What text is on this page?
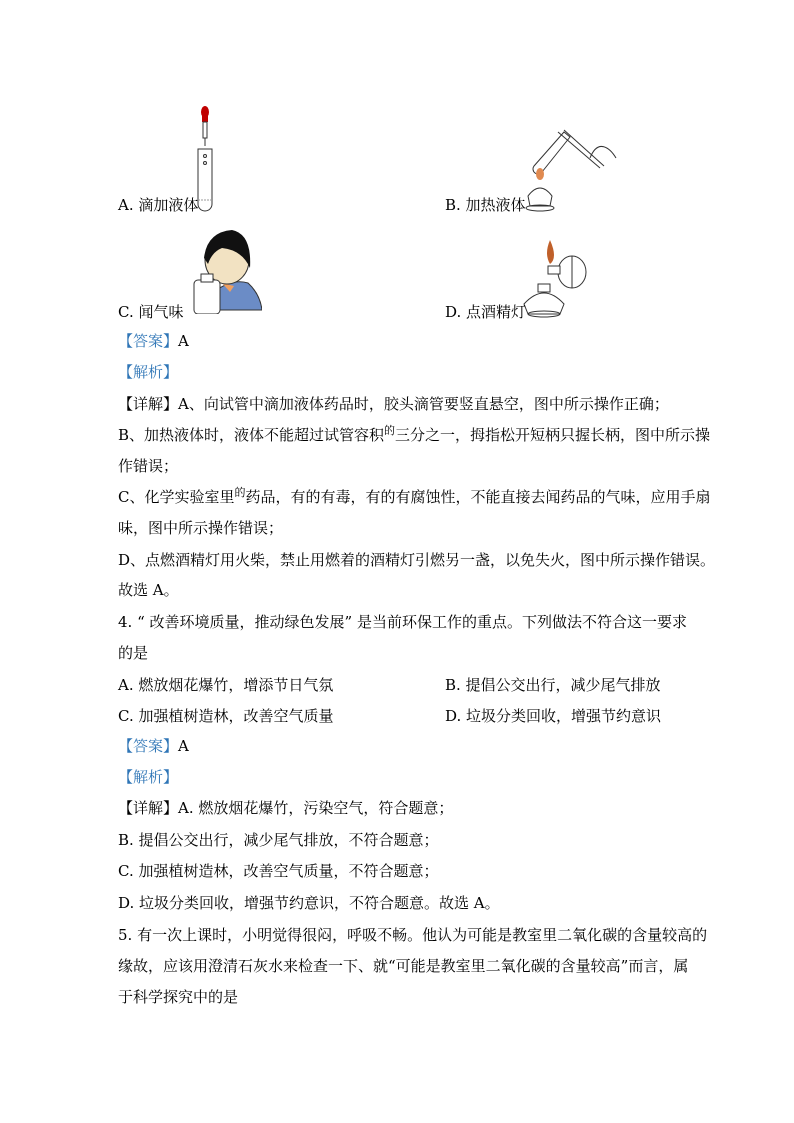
A. 滴加液体	B. 加热液体
C. 闻气味	D. 点酒精灯
【答案】A
【解析】
【详解】A、向试管中滴加液体药品时，胶头滴管要竖直悬空，图中所示操作正确；
B、加热液体时，液体不能超过试管容积$^的$三分之一，拇指松开短柄只握长柄，图中所示操
作错误；
C、化学实验室里$^的$药品，有的有毒，有的有腐蚀性，不能直接去闻药品的气味，应用手扇
味，图中所示操作错误；
D、点燃酒精灯用火柴，禁止用燃着的酒精灯引燃另一盏，以免失火，图中所示操作错误。
故选 A。
4. “ 改善环境质量，推动绿色发展” 是当前环保工作的重点。下列做法不符合这一要求
的是
A. 燃放烟花爆竹，增添节日气氛	B. 提倡公交出行，减少尾气排放
C. 加强植树造林，改善空气质量	D. 垃圾分类回收，增强节约意识
【答案】A
【解析】
【详解】A. 燃放烟花爆竹，污染空气，符合题意；
B. 提倡公交出行，减少尾气排放，不符合题意；
C. 加强植树造林，改善空气质量，不符合题意；
D. 垃圾分类回收，增强节约意识，不符合题意。故选 A。
5. 有一次上课时，小明觉得很闷，呼吸不畅。他认为可能是教室里二氧化碳的含量较高的
缘故，应该用澄清石灰水来检查一下、就“可能是教室里二氧化碳的含量较高”而言，属
于科学探究中的是
